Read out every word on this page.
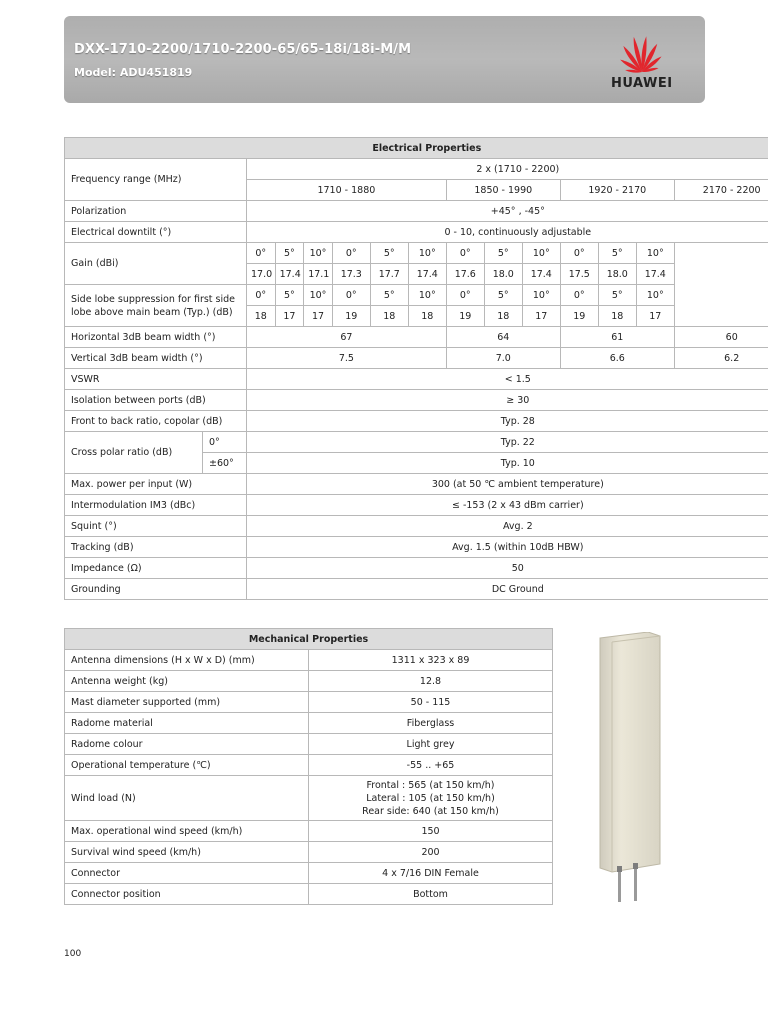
DXX-1710-2200/1710-2200-65/65-18i/18i-M/M
Model: ADU451819
HUAWEI
Electrical Properties														
Frequency range (MHz)		2 x (1710 - 2200)												
		1710 - 1880						1850 - 1990			1920 - 2170			2170 - 2200
Polarization		+45° , -45°												
Electrical downtilt (°)		0 - 10, continuously adjustable												
Gain (dBi)		0°	5°	10°	0°	5°	10°	0°	5°	10°	0°	5°	10°	
		17.0	17.4	17.1	17.3	17.7	17.4	17.6	18.0	17.4	17.5	18.0	17.4	
Side lobe suppression for first side
lobe above main beam (Typ.) (dB)		0°	5°	10°	0°	5°	10°	0°	5°	10°	0°	5°	10°	
		18	17	17	19	18	18	19	18	17	19	18	17	
Horizontal 3dB beam width (°)		67						64			61			60
Vertical 3dB beam width (°)		7.5						7.0			6.6			6.2
VSWR		< 1.5												
Isolation between ports (dB)		≥ 30												
Front to back ratio, copolar (dB)		Typ. 28												
Cross polar ratio (dB)	0°	Typ. 22												
	±60°	Typ. 10												
Max. power per input (W)		300 (at 50 ℃ ambient temperature)												
Intermodulation IM3 (dBc)		≤ -153 (2 x 43 dBm carrier)												
Squint (°)		Avg. 2												
Tracking (dB)		Avg. 1.5 (within 10dB HBW)												
Impedance (Ω)		50												
Grounding		DC Ground												
Mechanical Properties	
Antenna dimensions (H x W x D) (mm)	1311 x 323 x 89
Antenna weight (kg)	12.8
Mast diameter supported (mm)	50 - 115
Radome material	Fiberglass
Radome colour	Light grey
Operational temperature (℃)	-55 .. +65
Wind load (N)	Frontal : 565 (at 150 km/h)
Lateral : 105 (at 150 km/h)
Rear side: 640 (at 150 km/h)

Max. operational wind speed (km/h)	150
Survival wind speed (km/h)	200
Connector	4 x 7/16 DIN Female
Connector position	Bottom
100
